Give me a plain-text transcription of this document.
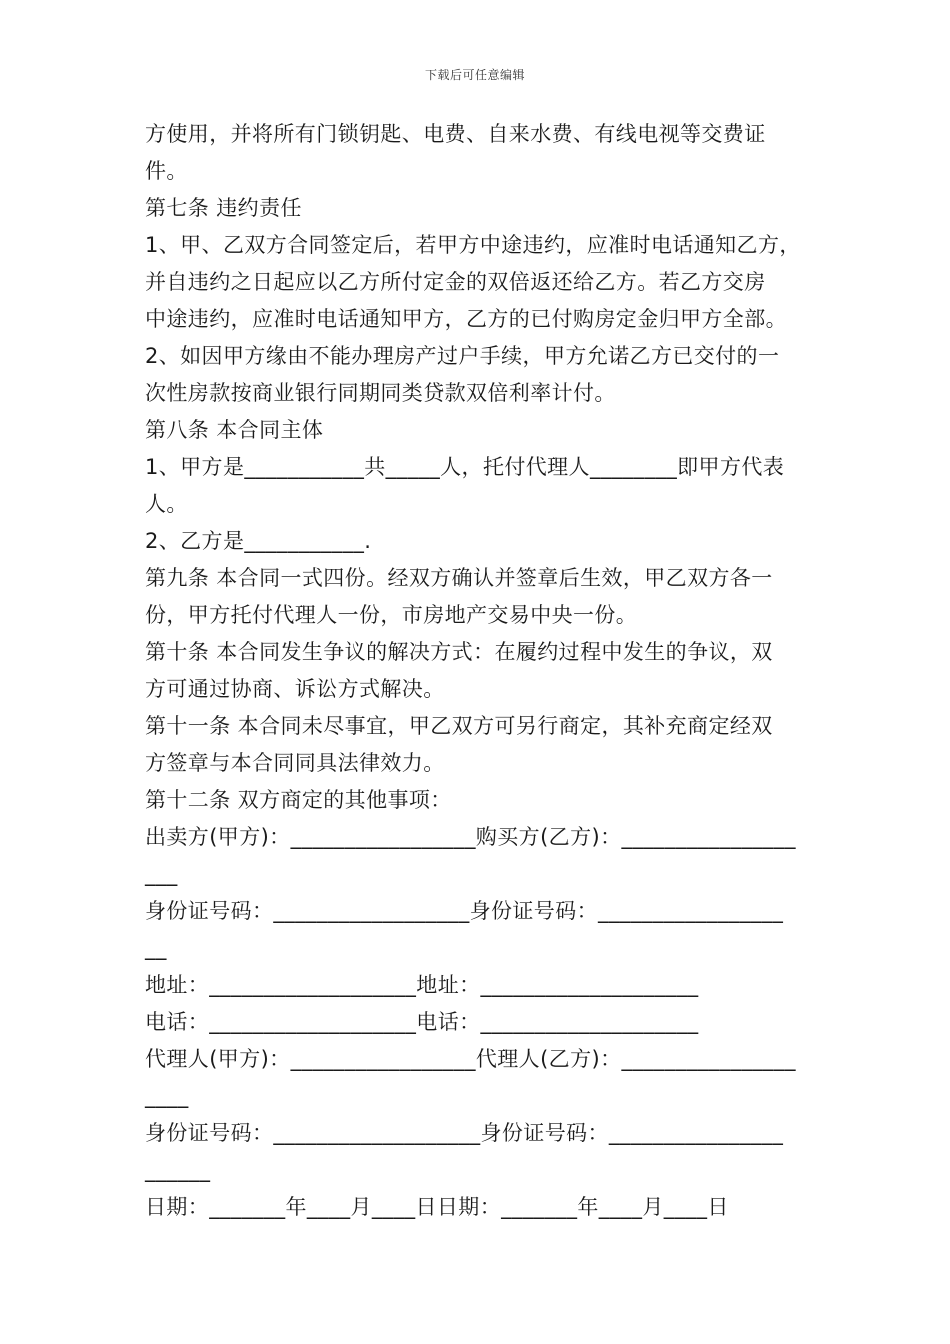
下载后可任意编辑
方使用，并将所有门锁钥匙、电费、自来水费、有线电视等交费证
件。
第七条 违约责任
1、甲、乙双方合同签定后，若甲方中途违约，应准时电话通知乙方，
并自违约之日起应以乙方所付定金的双倍返还给乙方。若乙方交房
中途违约，应准时电话通知甲方，乙方的已付购房定金归甲方全部。
2、如因甲方缘由不能办理房产过户手续，甲方允诺乙方已交付的一
次性房款按商业银行同期同类贷款双倍利率计付。
第八条 本合同主体
1、甲方是___________共_____人，托付代理人________即甲方代表
人。
2、乙方是___________.
第九条 本合同一式四份。经双方确认并签章后生效，甲乙双方各一
份，甲方托付代理人一份，市房地产交易中央一份。
第十条 本合同发生争议的解决方式：在履约过程中发生的争议，双
方可通过协商、诉讼方式解决。
第十一条 本合同未尽事宜，甲乙双方可另行商定，其补充商定经双
方签章与本合同同具法律效力。
第十二条 双方商定的其他事项：
出卖方(甲方)：_________________购买方(乙方)：________________
___
身份证号码：__________________身份证号码：_________________
__
地址：___________________地址：____________________
电话：___________________电话：____________________
代理人(甲方)：_________________代理人(乙方)：________________
____
身份证号码：___________________身份证号码：________________
______
日期：_______年____月____日日期：_______年____月____日
